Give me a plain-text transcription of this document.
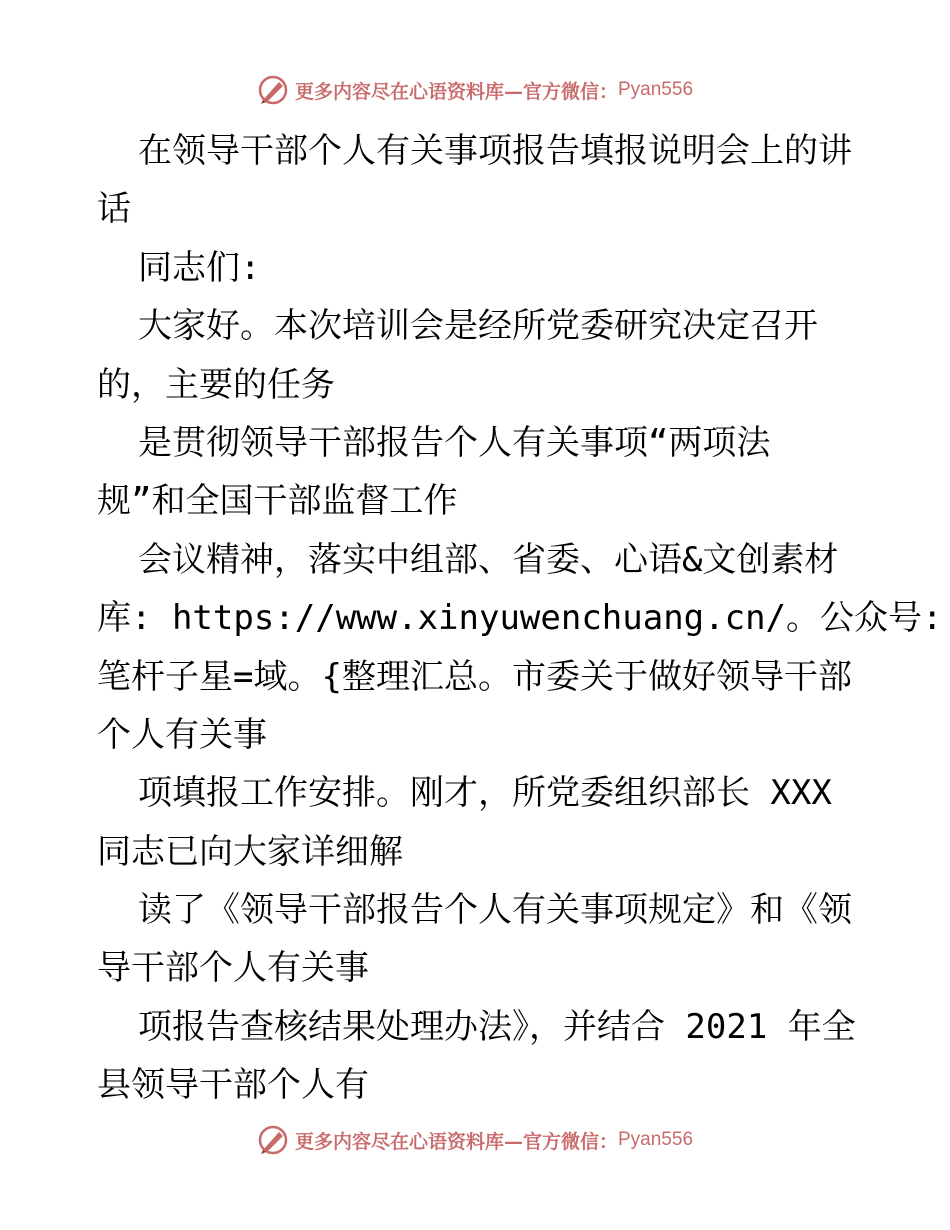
更多内容尽在心语资料库—官方微信： Pyan556
在领导干部个人有关事项报告填报说明会上的讲
话
同志们:
大家好。本次培训会是经所党委研究决定召开
的，主要的任务
是贯彻领导干部报告个人有关事项“两项法
规”和全国干部监督工作
会议精神，落实中组部、省委、心语&文创素材
库: https://www.xinyuwenchuang.cn/。公众号:
笔杆子星=域。{整理汇总。市委关于做好领导干部
个人有关事
项填报工作安排。刚才，所党委组织部长 XXX
同志已向大家详细解
读了《领导干部报告个人有关事项规定》和《领
导干部个人有关事
项报告查核结果处理办法》，并结合 2021 年全
县领导干部个人有
更多内容尽在心语资料库—官方微信： Pyan556
